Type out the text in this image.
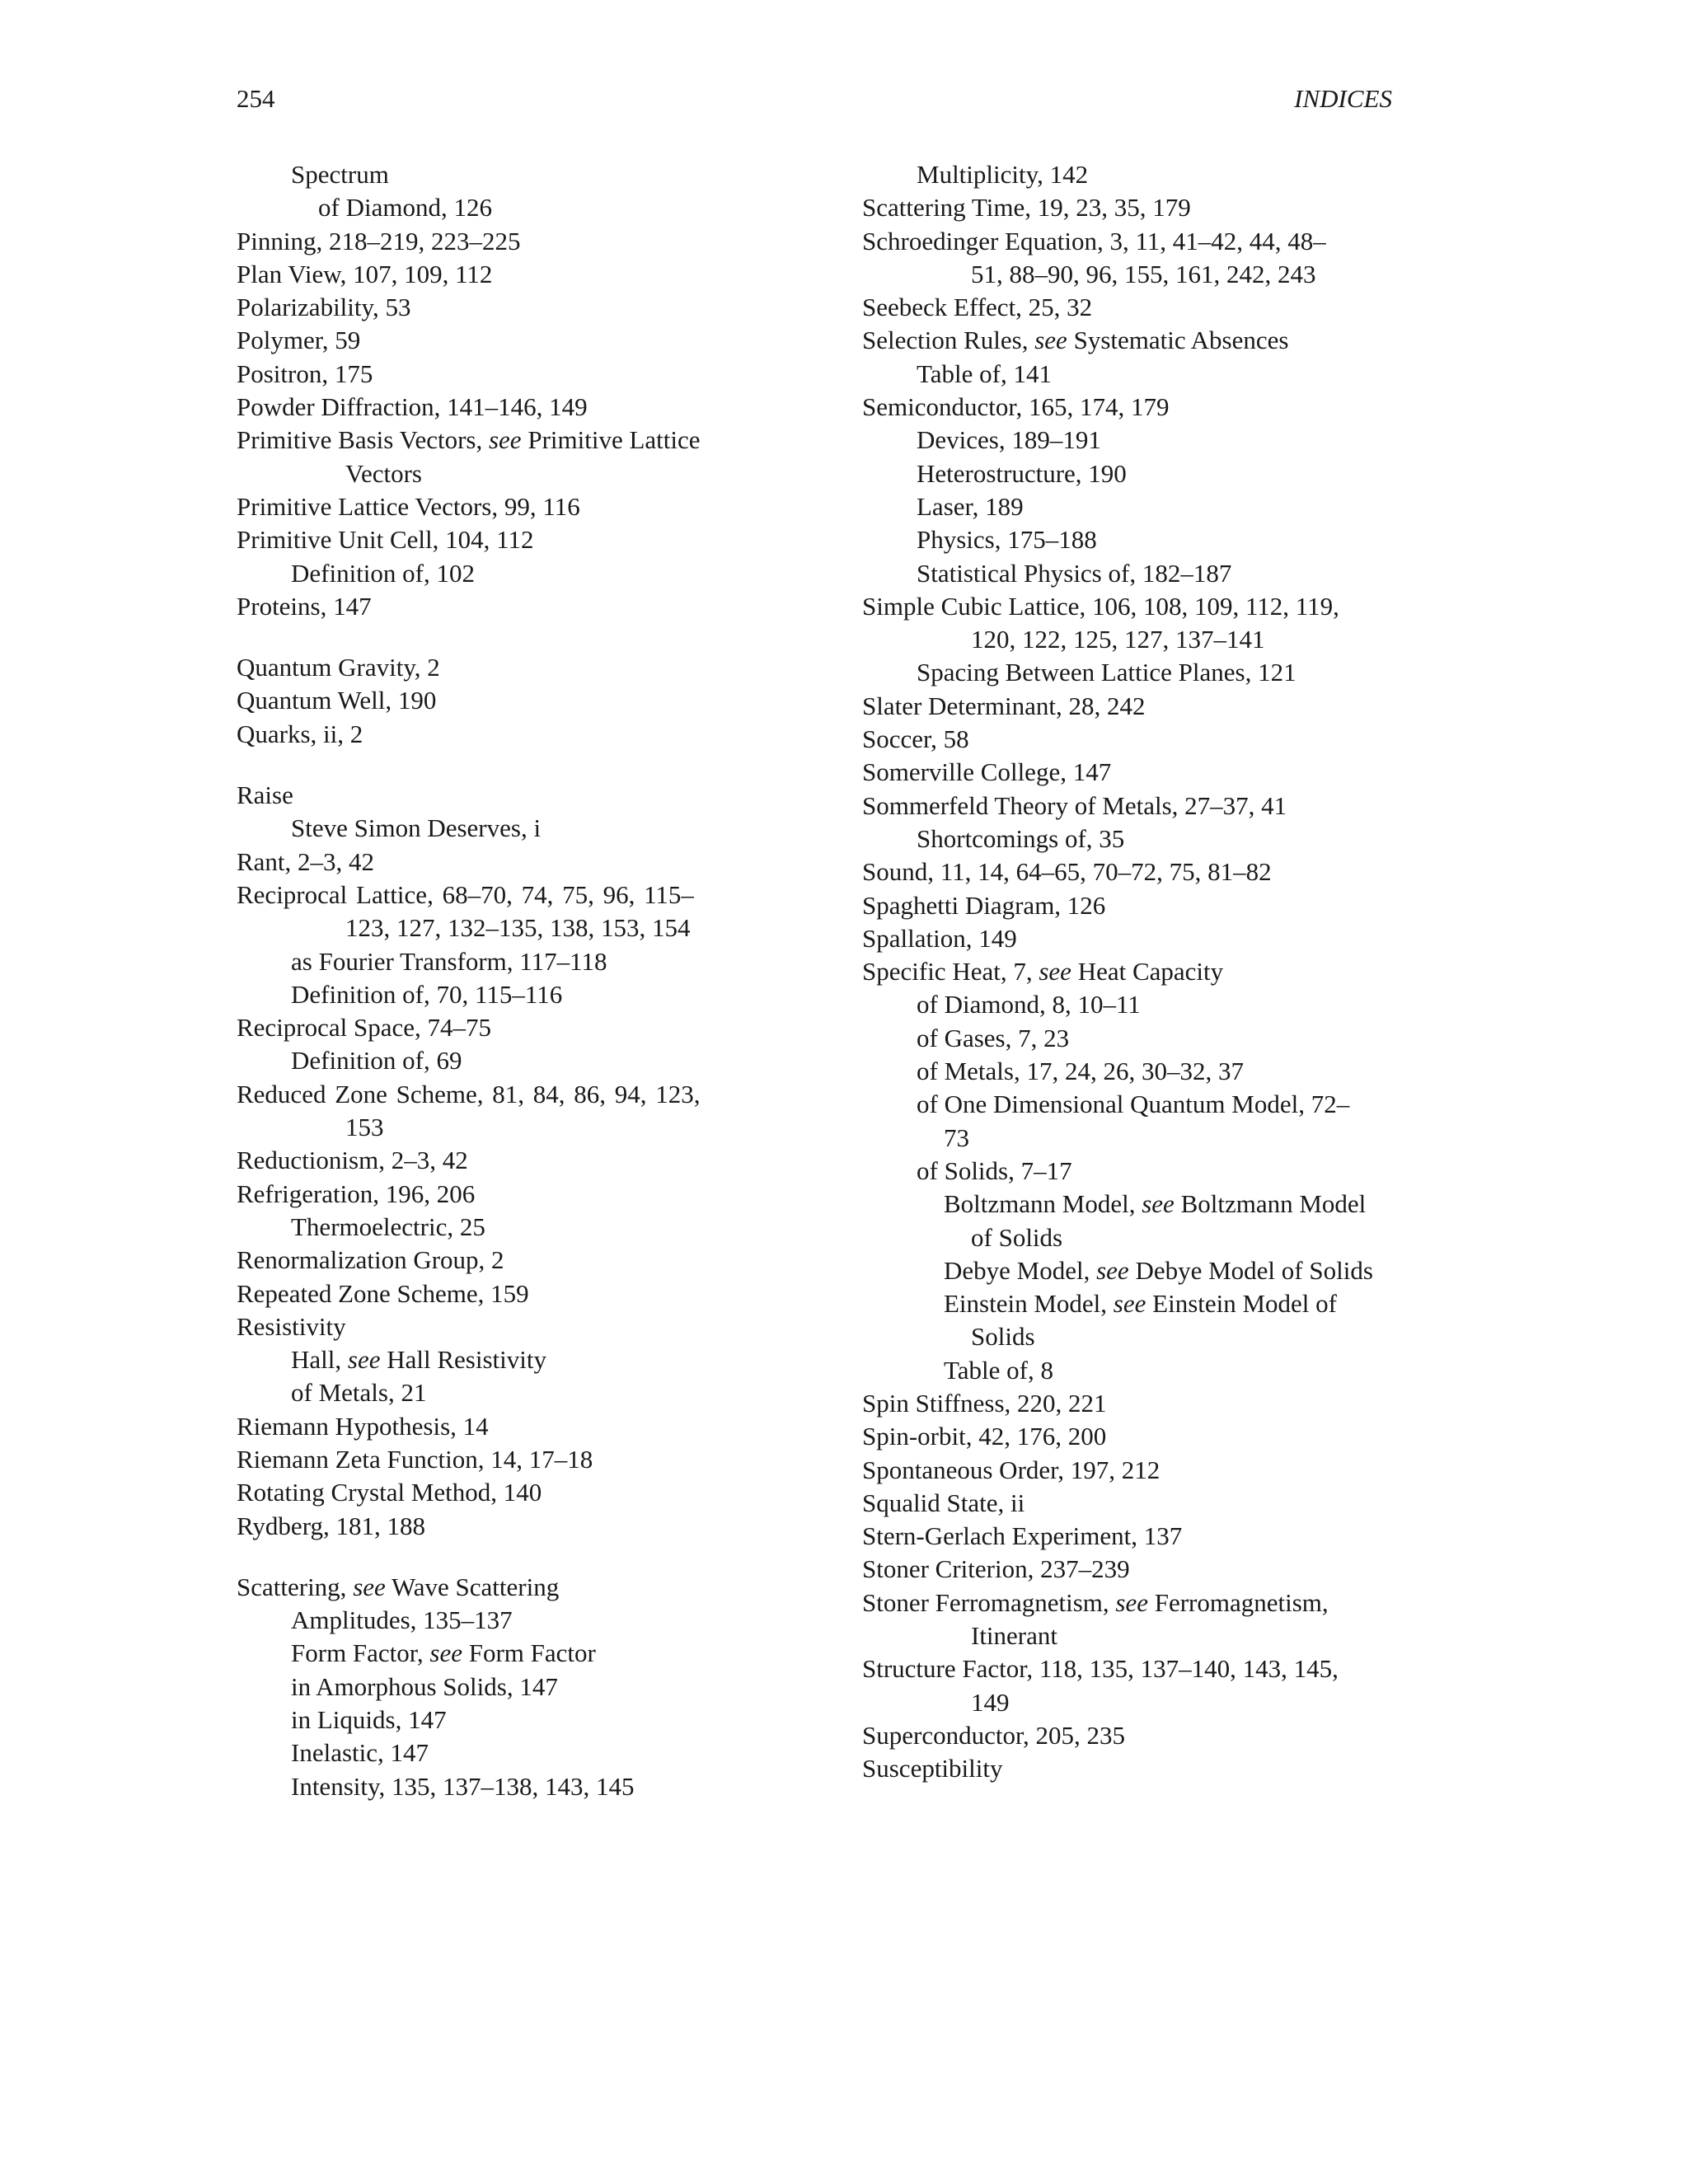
254	INDICES
Spectrum
of Diamond, 126
Pinning, 218–219, 223–225
Plan View, 107, 109, 112
Polarizability, 53
Polymer, 59
Positron, 175
Powder Diffraction, 141–146, 149
Primitive Basis Vectors, see Primitive Lattice
Vectors
Primitive Lattice Vectors, 99, 116
Primitive Unit Cell, 104, 112
Definition of, 102
Proteins, 147
Quantum Gravity, 2
Quantum Well, 190
Quarks, ii, 2
Raise
Steve Simon Deserves, i
Rant, 2–3, 42
Reciprocal Lattice, 68–70, 74, 75, 96, 115–
123, 127, 132–135, 138, 153, 154
as Fourier Transform, 117–118
Definition of, 70, 115–116
Reciprocal Space, 74–75
Definition of, 69
Reduced Zone Scheme, 81, 84, 86, 94, 123,
153
Reductionism, 2–3, 42
Refrigeration, 196, 206
Thermoelectric, 25
Renormalization Group, 2
Repeated Zone Scheme, 159
Resistivity
Hall, see Hall Resistivity
of Metals, 21
Riemann Hypothesis, 14
Riemann Zeta Function, 14, 17–18
Rotating Crystal Method, 140
Rydberg, 181, 188
Scattering, see Wave Scattering
Amplitudes, 135–137
Form Factor, see Form Factor
in Amorphous Solids, 147
in Liquids, 147
Inelastic, 147
Intensity, 135, 137–138, 143, 145
Multiplicity, 142
Scattering Time, 19, 23, 35, 179
Schroedinger Equation, 3, 11, 41–42, 44, 48–
51, 88–90, 96, 155, 161, 242, 243
Seebeck Effect, 25, 32
Selection Rules, see Systematic Absences
Table of, 141
Semiconductor, 165, 174, 179
Devices, 189–191
Heterostructure, 190
Laser, 189
Physics, 175–188
Statistical Physics of, 182–187
Simple Cubic Lattice, 106, 108, 109, 112, 119,
120, 122, 125, 127, 137–141
Spacing Between Lattice Planes, 121
Slater Determinant, 28, 242
Soccer, 58
Somerville College, 147
Sommerfeld Theory of Metals, 27–37, 41
Shortcomings of, 35
Sound, 11, 14, 64–65, 70–72, 75, 81–82
Spaghetti Diagram, 126
Spallation, 149
Specific Heat, 7, see Heat Capacity
of Diamond, 8, 10–11
of Gases, 7, 23
of Metals, 17, 24, 26, 30–32, 37
of One Dimensional Quantum Model, 72–
73
of Solids, 7–17
Boltzmann Model, see Boltzmann Model
of Solids
Debye Model, see Debye Model of Solids
Einstein Model, see Einstein Model of
Solids
Table of, 8
Spin Stiffness, 220, 221
Spin-orbit, 42, 176, 200
Spontaneous Order, 197, 212
Squalid State, ii
Stern-Gerlach Experiment, 137
Stoner Criterion, 237–239
Stoner Ferromagnetism, see Ferromagnetism,
Itinerant
Structure Factor, 118, 135, 137–140, 143, 145,
149
Superconductor, 205, 235
Susceptibility
